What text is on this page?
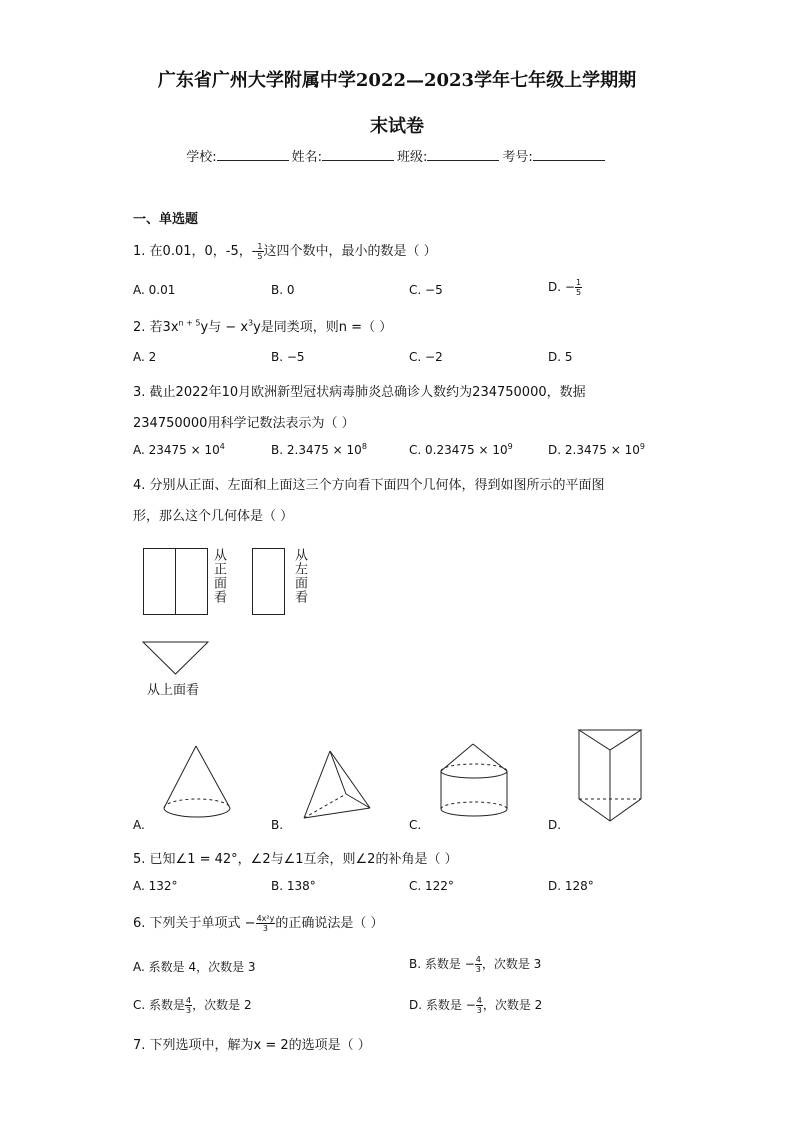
广东省广州大学附属中学2022—2023学年七年级上学期期
末试卷
学校:	姓名:	班级:	考号:
一、单选题
1. 在0.01，0，-5，- $\frac{1}{5}$ 这四个数中，最小的数是（ ）
A. 0.01	B. 0	C. −5	D. − $\frac{1}{5}$
2. 若$3x^{n + 5}y$与 − $x^3y$是同类项，则n =（ ）
A. 2	B. −5	C. −2	D. 5
3. 截止2022年10月欧洲新型冠状病毒肺炎总确诊人数约为234750000，数据
234750000用科学记数法表示为（ ）
A. $23475 \times 10^4$	B. $2.3475 \times 10^8$	C. $0.23475 \times 10^9$	D. $2.3475 \times 10^9$
4. 分别从正面、左面和上面这三个方向看下面四个几何体，得到如图所示的平面图
形，那么这个几何体是（ ）
从正面看	从左面看
从上面看
A.	B.	C.	D.
5. 已知∠1 = 42°，∠2与∠1互余，则∠2的补角是（ ）
A. 132°	B. 138°	C. 122°	D. 128°
6. 下列关于单项式 − $\frac{\text{4x²y}}{3}$ 的正确说法是（ ）
A. 系数是 4，次数是 3	B. 系数是 − $\frac{4}{3}$ ，次数是 3
C. 系数是 $\frac{4}{3}$ ，次数是 2	D. 系数是 − $\frac{4}{3}$ ，次数是 2
7. 下列选项中，解为x = 2的选项是（ ）
